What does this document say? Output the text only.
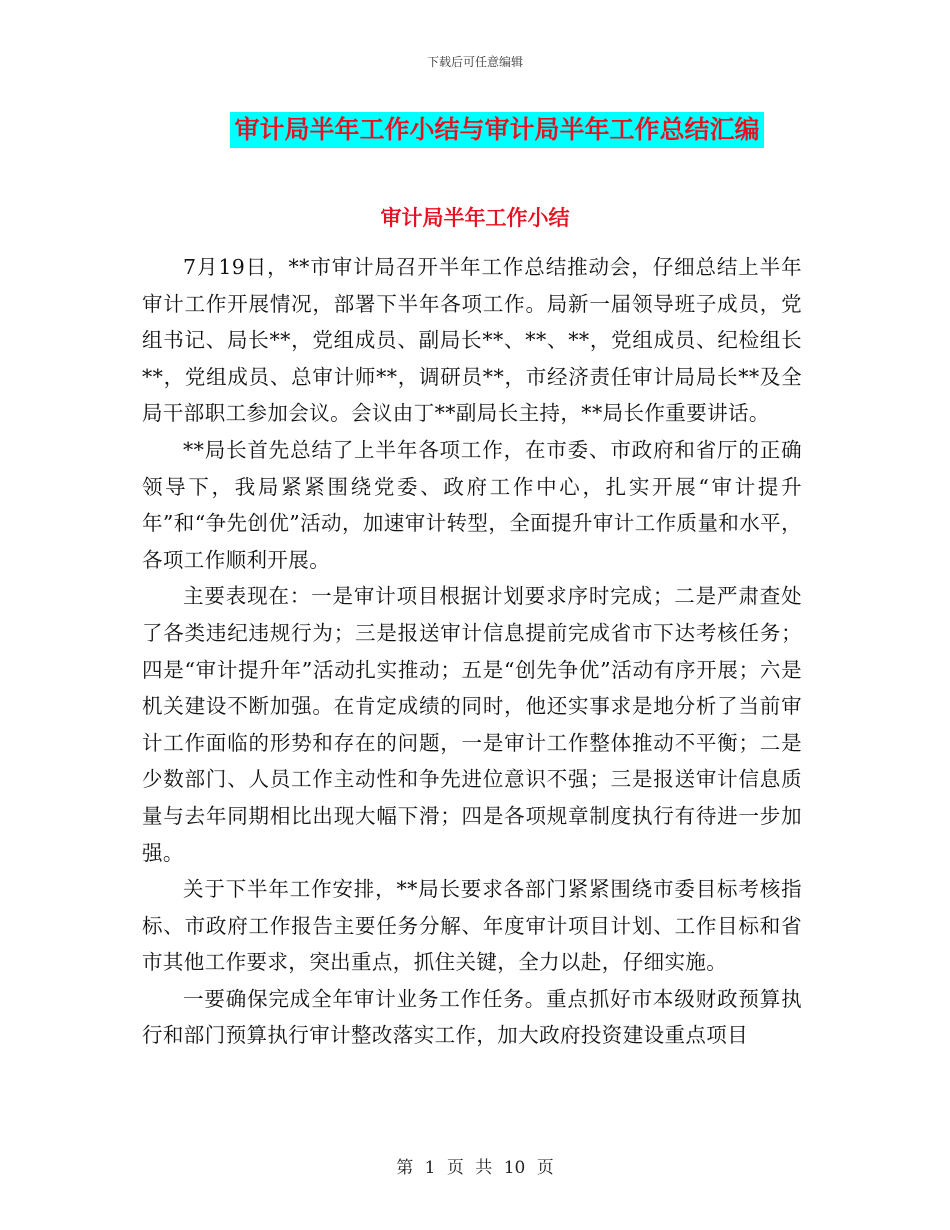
下载后可任意编辑
审计局半年工作小结与审计局半年工作总结汇编
审计局半年工作小结

7月19日，**市审计局召开半年工作总结推动会，仔细总结上半年审计工作开展情况，部署下半年各项工作。局新一届领导班子成员，党组书记、局长**，党组成员、副局长**、**、**，党组成员、纪检组长**，党组成员、总审计师**，调研员**，市经济责任审计局局长**及全局干部职工参加会议。会议由丁**副局长主持，**局长作重要讲话。

**局长首先总结了上半年各项工作，在市委、市政府和省厅的正确领导下，我局紧紧围绕党委、政府工作中心，扎实开展“审计提升年”和“争先创优”活动，加速审计转型，全面提升审计工作质量和水平，各项工作顺利开展。

主要表现在：一是审计项目根据计划要求序时完成；二是严肃查处了各类违纪违规行为；三是报送审计信息提前完成省市下达考核任务；四是“审计提升年”活动扎实推动；五是“创先争优”活动有序开展；六是机关建设不断加强。在肯定成绩的同时，他还实事求是地分析了当前审计工作面临的形势和存在的问题，一是审计工作整体推动不平衡；二是少数部门、人员工作主动性和争先进位意识不强；三是报送审计信息质量与去年同期相比出现大幅下滑；四是各项规章制度执行有待进一步加强。

关于下半年工作安排，**局长要求各部门紧紧围绕市委目标考核指标、市政府工作报告主要任务分解、年度审计项目计划、工作目标和省市其他工作要求，突出重点，抓住关键，全力以赴，仔细实施。

一要确保完成全年审计业务工作任务。重点抓好市本级财政预算执行和部门预算执行审计整改落实工作，加大政府投资建设重点项目

第 1 页 共 10 页
